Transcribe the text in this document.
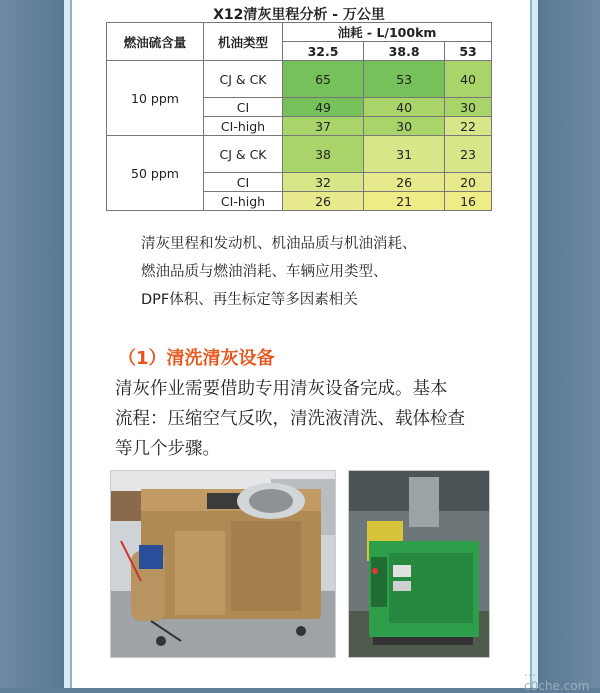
X12清灰里程分析 - 万公里
燃油硫含量	机油类型	油耗 - L/100km		
		32.5	38.8	53
10 ppm	CJ & CK	65	53	40
	CI	49	40	30
	CI-high	37	30	22
50 ppm	CJ & CK	38	31	23
	CI	32	26	20
	CI-high	26	21	16
清灰里程和发动机、机油品质与机油消耗、
燃油品质与燃油消耗、车辆应用类型、
DPF体积、再生标定等多因素相关
（1）清洗清灰设备
清灰作业需要借助专用清灰设备完成。基本
流程：压缩空气反吹，清洗液清洗、载体检查
等几个步骤。
…c0che.com
